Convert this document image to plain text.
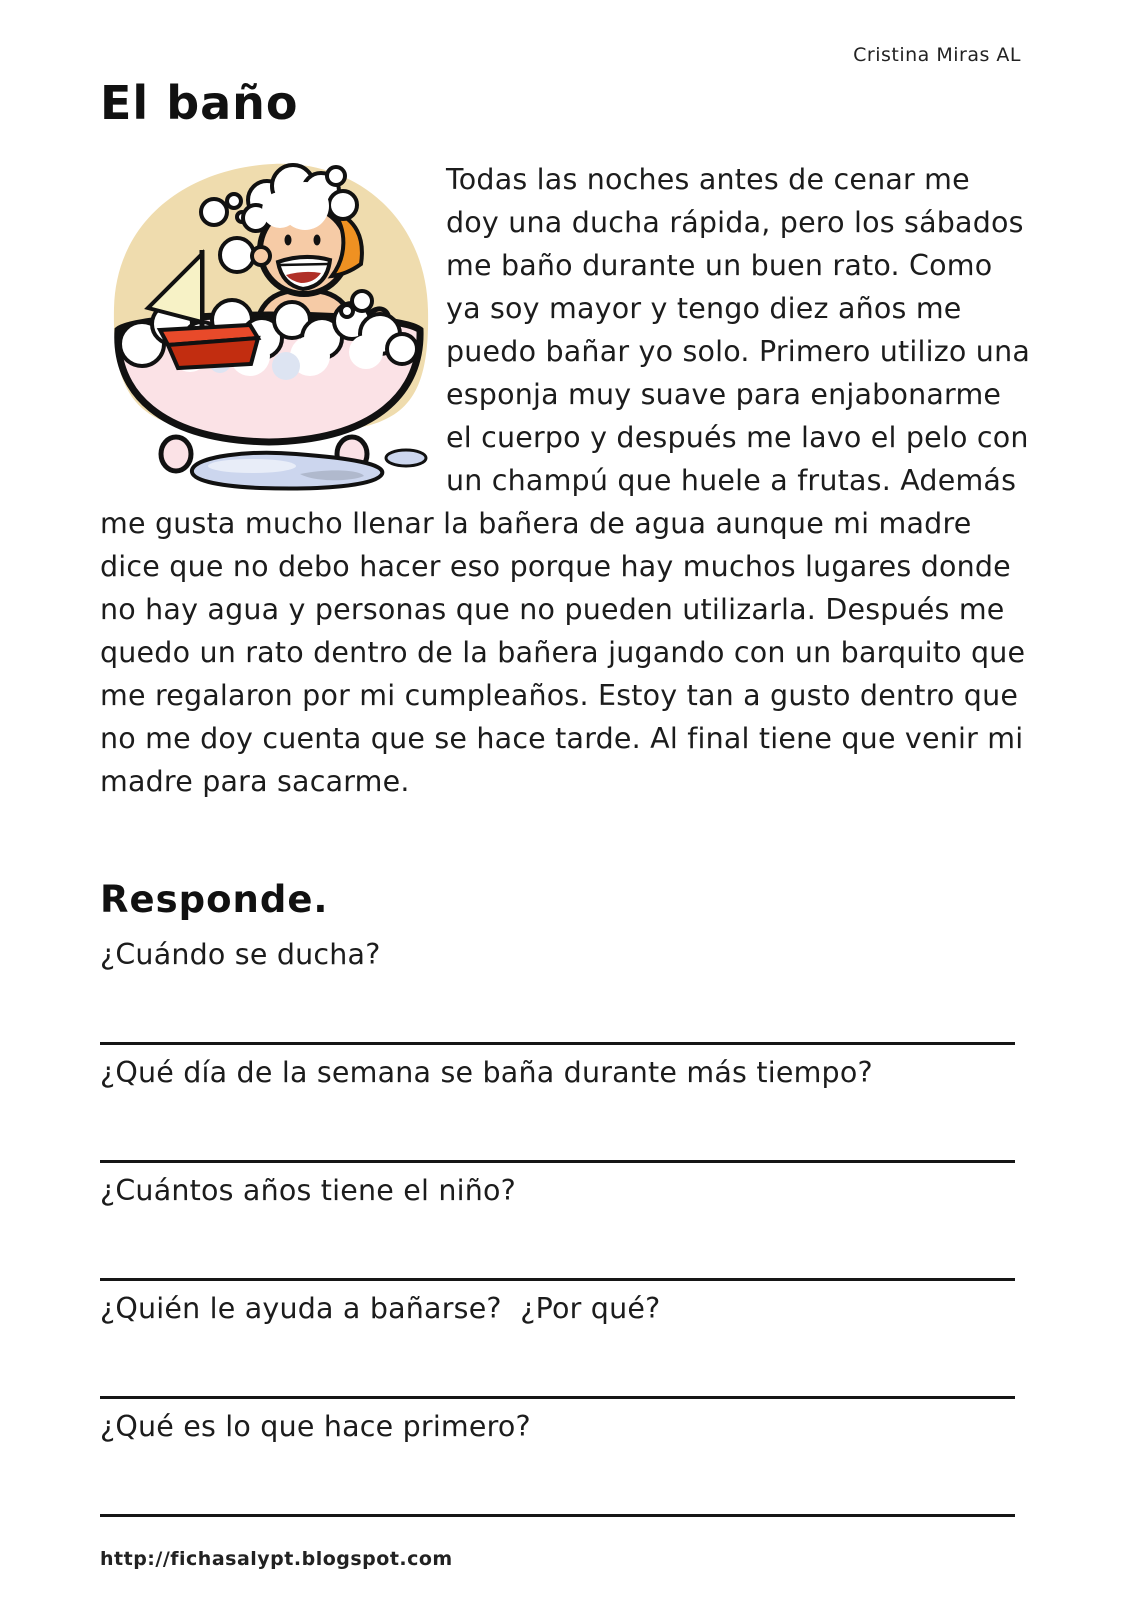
Cristina Miras AL
El baño

Todas las noches antes de cenar me doy una ducha rápida, pero los sábados me baño durante un buen rato. Como ya soy mayor y tengo diez años me puedo bañar yo solo. Primero utilizo una esponja muy suave para enjabonarme el cuerpo y después me lavo el pelo con un champú que huele a frutas. Además me gusta mucho llenar la bañera de agua aunque mi madre dice que no debo hacer eso porque hay muchos lugares donde no hay agua y personas que no pueden utilizarla. Después me quedo un rato dentro de la bañera jugando con un barquito que me regalaron por mi cumpleaños. Estoy tan a gusto dentro que no me doy cuenta que se hace tarde. Al final tiene que venir mi madre para sacarme.

Responde.
¿Cuándo se ducha?
¿Qué día de la semana se baña durante más tiempo?
¿Cuántos años tiene el niño?
¿Quién le ayuda a bañarse?  ¿Por qué?
¿Qué es lo que hace primero?
http://fichasalypt.blogspot.com
